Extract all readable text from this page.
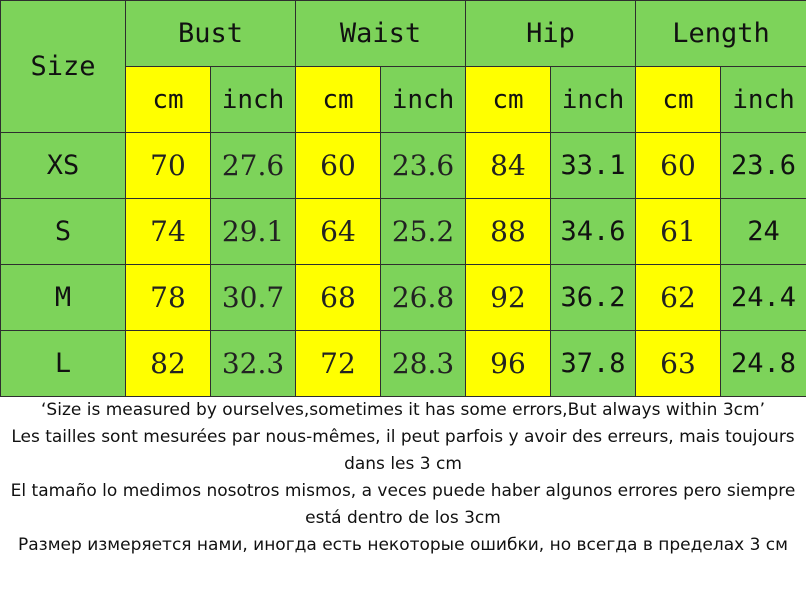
Size	Bust		Waist		Hip		Length	
	cm	inch	cm	inch	cm	inch	cm	inch
XS	70	27.6	60	23.6	84	33.1	60	23.6
S	74	29.1	64	25.2	88	34.6	61	24
M	78	30.7	68	26.8	92	36.2	62	24.4
L	82	32.3	72	28.3	96	37.8	63	24.8

‘Size is measured by ourselves,sometimes it has some errors,But always within 3cm’

Les tailles sont mesurées par nous-mêmes, il peut parfois y avoir des erreurs, mais toujours dans les 3 cm

El tamaño lo medimos nosotros mismos, a veces puede haber algunos errores pero siempre está dentro de los 3cm

Размер измеряется нами, иногда есть некоторые ошибки, но всегда в пределах 3 см
